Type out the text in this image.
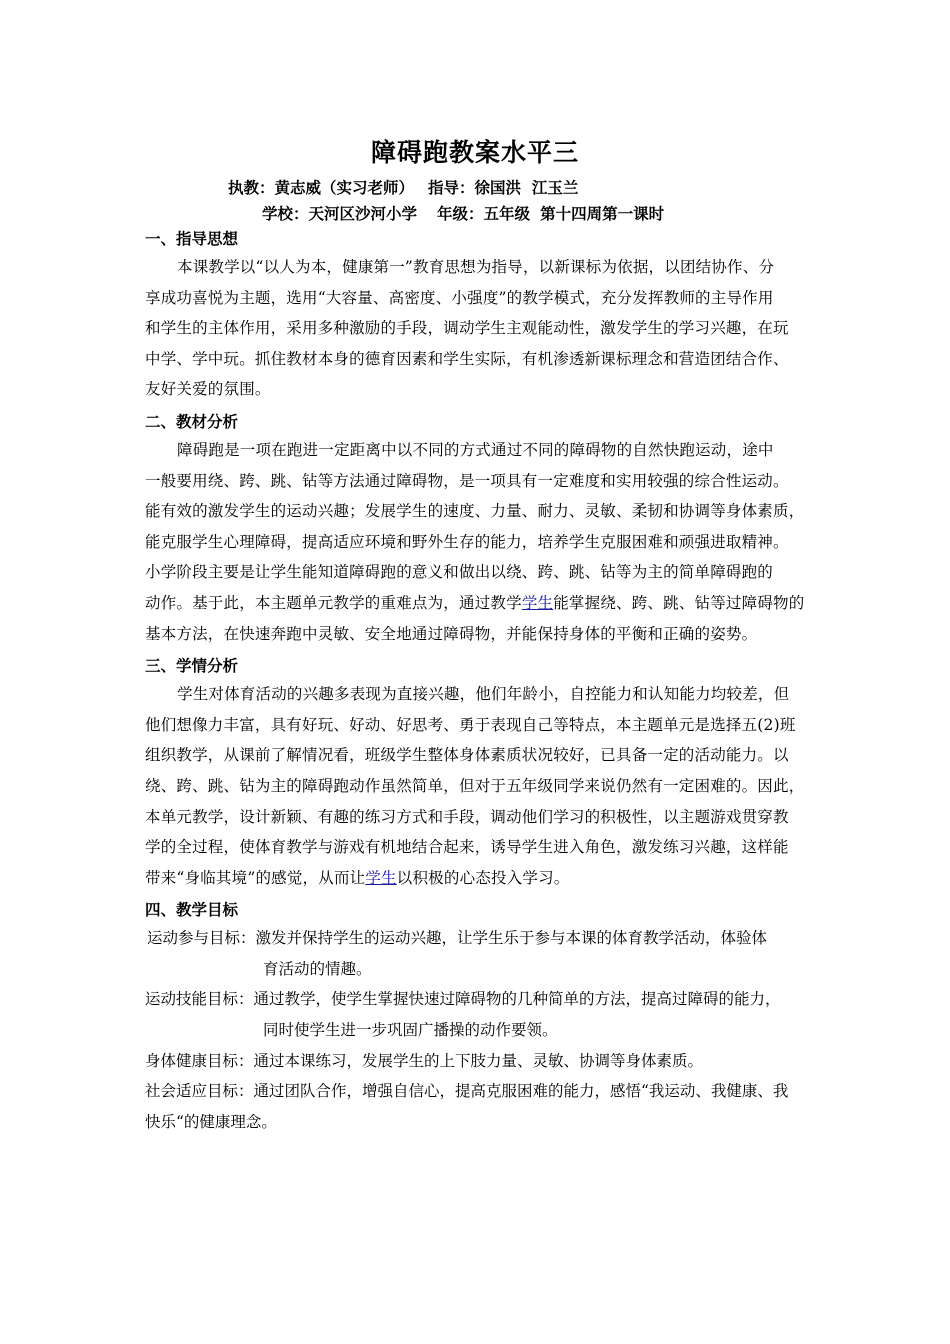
障碍跑教案水平三
执教：黄志威（实习老师） 指导：徐国洪  江玉兰
学校：天河区沙河小学 年级：五年级 第十四周第一课时
一、指导思想
本课教学以“以人为本，健康第一”教育思想为指导，以新课标为依据，以团结协作、分
享成功喜悦为主题，选用“大容量、高密度、小强度”的教学模式，充分发挥教师的主导作用
和学生的主体作用，采用多种激励的手段，调动学生主观能动性，激发学生的学习兴趣，在玩
中学、学中玩。抓住教材本身的德育因素和学生实际，有机渗透新课标理念和营造团结合作、
友好关爱的氛围。
二、教材分析
障碍跑是一项在跑进一定距离中以不同的方式通过不同的障碍物的自然快跑运动，途中
一般要用绕、跨、跳、钻等方法通过障碍物，是一项具有一定难度和实用较强的综合性运动。
能有效的激发学生的运动兴趣；发展学生的速度、力量、耐力、灵敏、柔韧和协调等身体素质，
能克服学生心理障碍，提高适应环境和野外生存的能力，培养学生克服困难和顽强进取精神。
小学阶段主要是让学生能知道障碍跑的意义和做出以绕、跨、跳、钻等为主的简单障碍跑的
动作。基于此，本主题单元教学的重难点为，通过教学学生能掌握绕、跨、跳、钻等过障碍物的
基本方法，在快速奔跑中灵敏、安全地通过障碍物，并能保持身体的平衡和正确的姿势。
三、学情分析
学生对体育活动的兴趣多表现为直接兴趣，他们年龄小，自控能力和认知能力均较差，但
他们想像力丰富，具有好玩、好动、好思考、勇于表现自己等特点，本主题单元是选择五(2)班
组织教学，从课前了解情况看，班级学生整体身体素质状况较好，已具备一定的活动能力。以
绕、跨、跳、钻为主的障碍跑动作虽然简单，但对于五年级同学来说仍然有一定困难的。因此，
本单元教学，设计新颖、有趣的练习方式和手段，调动他们学习的积极性，以主题游戏贯穿教
学的全过程，使体育教学与游戏有机地结合起来，诱导学生进入角色，激发练习兴趣，这样能
带来“身临其境”的感觉，从而让学生以积极的心态投入学习。
四、教学目标
运动参与目标：激发并保持学生的运动兴趣，让学生乐于参与本课的体育教学活动，体验体
育活动的情趣。
运动技能目标：通过教学，使学生掌握快速过障碍物的几种简单的方法，提高过障碍的能力，
同时使学生进一步巩固广播操的动作要领。
身体健康目标：通过本课练习，发展学生的上下肢力量、灵敏、协调等身体素质。
社会适应目标：通过团队合作，增强自信心，提高克服困难的能力，感悟“我运动、我健康、我
快乐“的健康理念。
